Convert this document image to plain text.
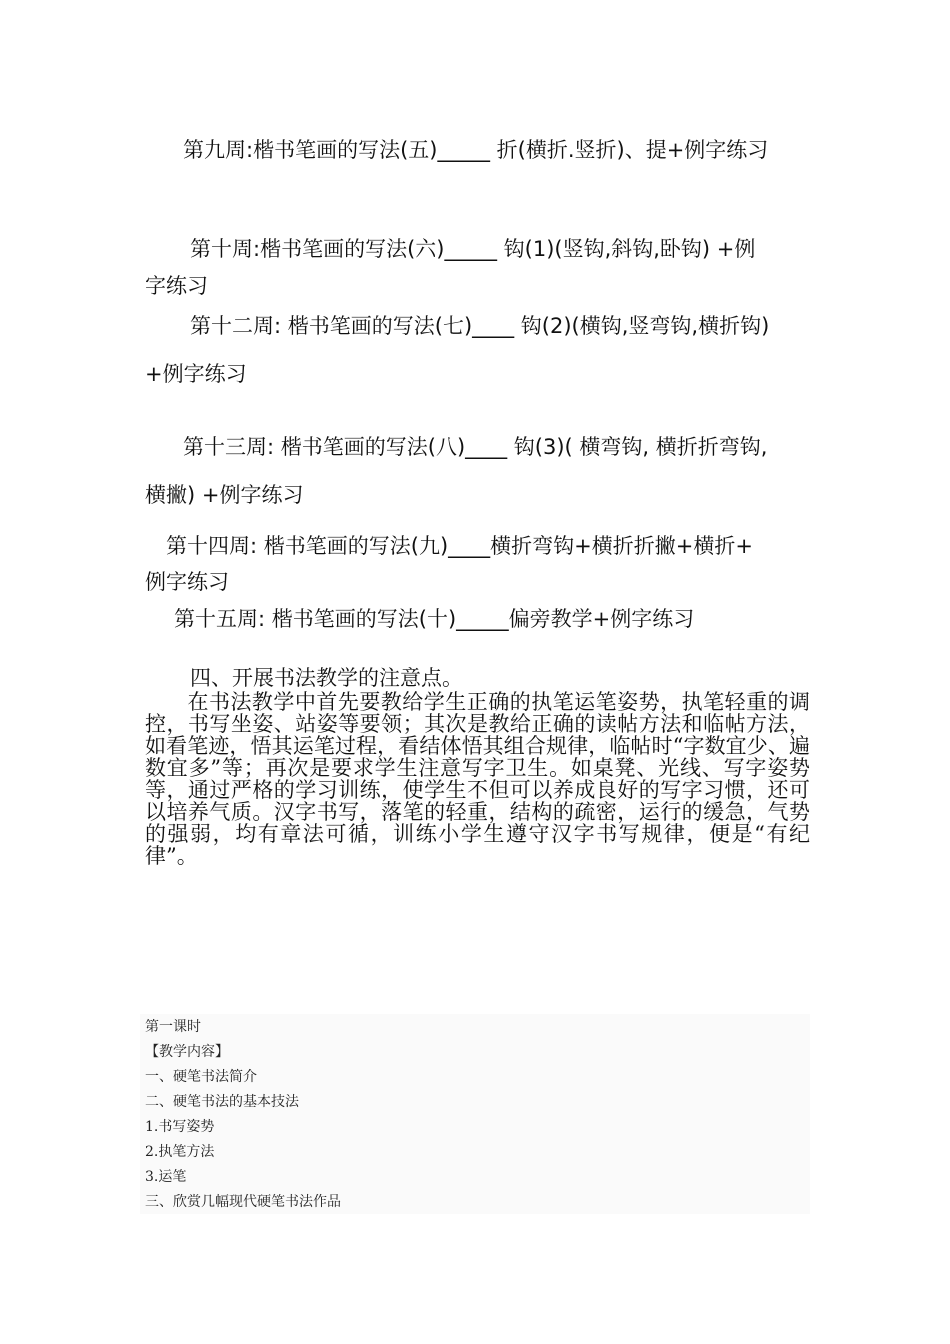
第九周:楷书笔画的写法(五)_____ 折(横折.竖折)、提+例字练习
第十周:楷书笔画的写法(六)_____ 钩(1)(竖钩,斜钩,卧钩) +例
字练习
第十二周: 楷书笔画的写法(七)____ 钩(2)(横钩,竖弯钩,横折钩)
+例字练习
第十三周: 楷书笔画的写法(八)____ 钩(3)( 横弯钩, 横折折弯钩,
横撇) +例字练习
第十四周: 楷书笔画的写法(九)____横折弯钩+横折折撇+横折+
例字练习
第十五周: 楷书笔画的写法(十)_____偏旁教学+例字练习
四、开展书法教学的注意点。
在书法教学中首先要教给学生正确的执笔运笔姿势，执笔轻重的调控，书写坐姿、站姿等要领；其次是教给正确的读帖方法和临帖方法，如看笔迹，悟其运笔过程，看结体悟其组合规律，临帖时“字数宜少、遍数宜多”等；再次是要求学生注意写字卫生。如桌凳、光线、写字姿势等，通过严格的学习训练，使学生不但可以养成良好的写字习惯，还可以培养气质。汉字书写，落笔的轻重，结构的疏密，运行的缓急，气势的强弱，均有章法可循，训练小学生遵守汉字书写规律，便是“有纪律”。
第一课时
【教学内容】
一、硬笔书法简介
二、硬笔书法的基本技法
1.书写姿势
2.执笔方法
3.运笔
三、欣赏几幅现代硬笔书法作品
